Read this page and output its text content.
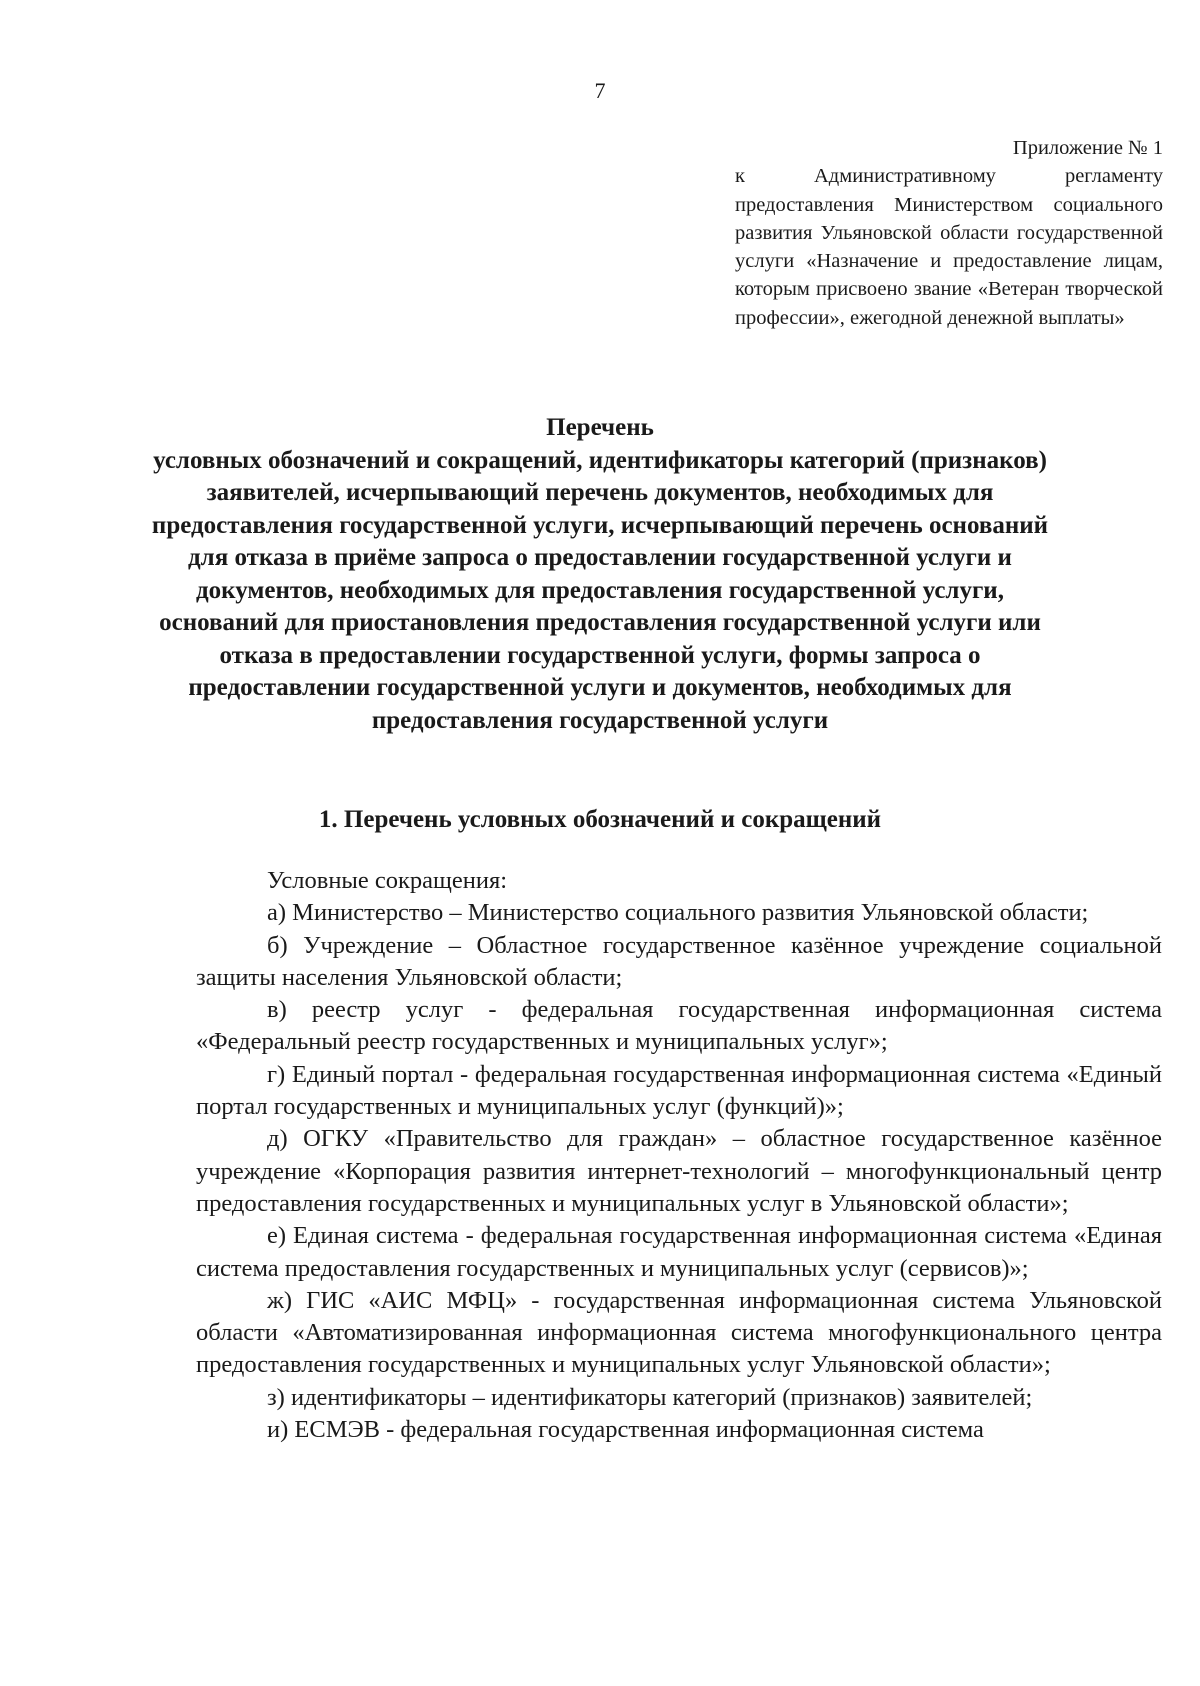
7
Приложение № 1
к Административному регламенту предоставления Министерством социального развития Ульяновской области государственной услуги «Назначение и предоставление лицам, которым присвоено звание «Ветеран творческой профессии», ежегодной денежной выплаты»
Перечень
условных обозначений и сокращений, идентификаторы категорий (признаков) заявителей, исчерпывающий перечень документов, необходимых для предоставления государственной услуги, исчерпывающий перечень оснований для отказа в приёме запроса о предоставлении государственной услуги и документов, необходимых для предоставления государственной услуги, оснований для приостановления предоставления государственной услуги или отказа в предоставлении государственной услуги, формы запроса о предоставлении государственной услуги и документов, необходимых для предоставления государственной услуги
1. Перечень условных обозначений и сокращений

Условные сокращения:

а) Министерство – Министерство социального развития Ульяновской области;

б) Учреждение – Областное государственное казённое учреждение социальной защиты населения Ульяновской области;

в) реестр услуг - федеральная государственная информационная система «Федеральный реестр государственных и муниципальных услуг»;

г) Единый портал - федеральная государственная информационная система «Единый портал государственных и муниципальных услуг (функций)»;

д) ОГКУ «Правительство для граждан» – областное государственное казённое учреждение «Корпорация развития интернет-технологий – многофункциональный центр предоставления государственных и муниципальных услуг в Ульяновской области»;

е) Единая система - федеральная государственная информационная система «Единая система предоставления государственных и муниципальных услуг (сервисов)»;

ж) ГИС «АИС МФЦ» - государственная информационная система Ульяновской области «Автоматизированная информационная система многофункционального центра предоставления государственных и муниципальных услуг Ульяновской области»;

з) идентификаторы – идентификаторы категорий (признаков) заявителей;

и) ЕСМЭВ - федеральная государственная информационная система
